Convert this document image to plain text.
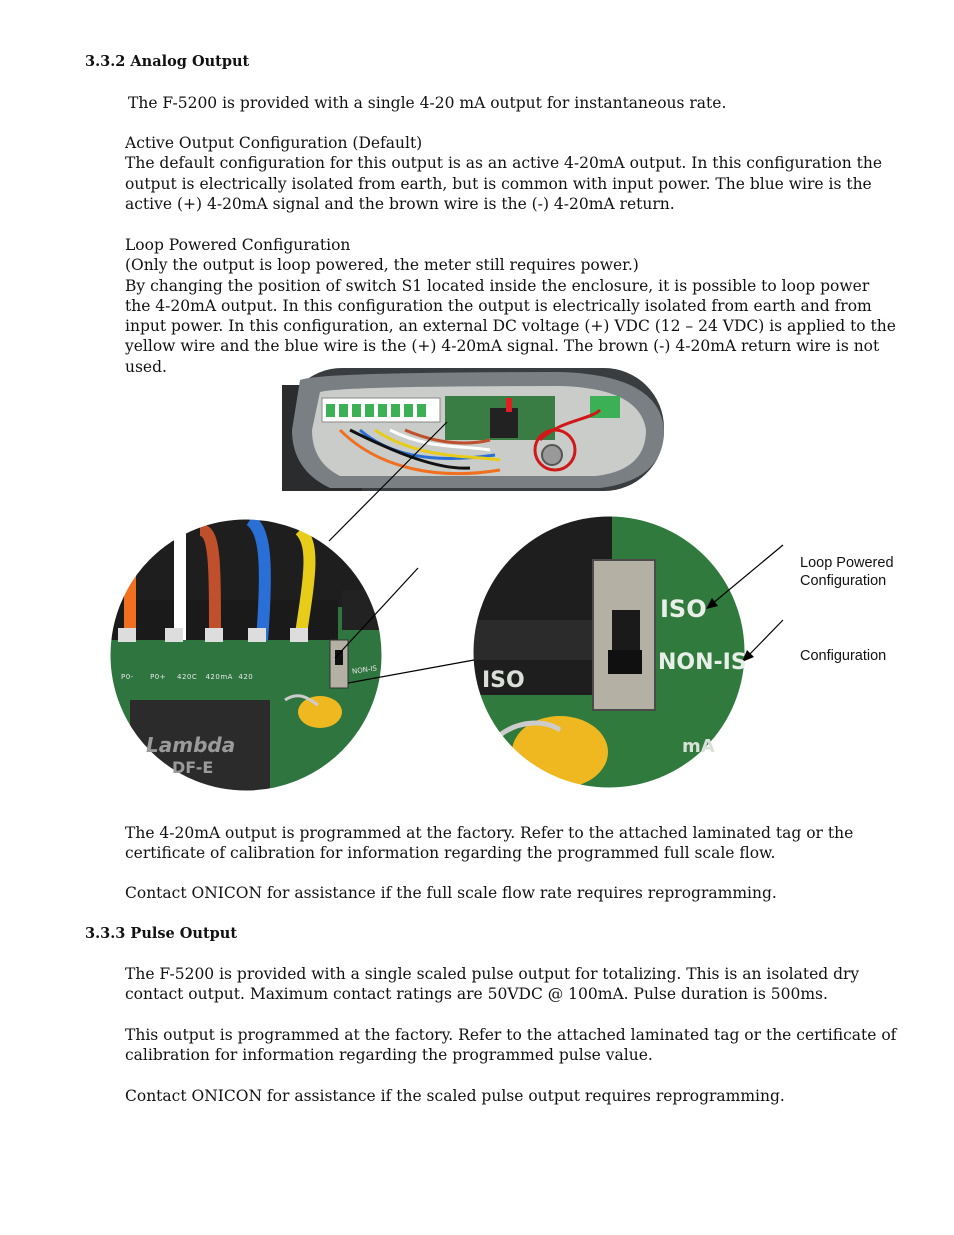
3.3.2 Analog Output
The F-5200 is provided with a single 4-20 mA output for instantaneous rate.
Active Output Configuration (Default)
The default configuration for this output is as an active 4-20mA output. In this configuration the
output is electrically isolated from earth, but is common with input power. The blue wire is the
active (+) 4-20mA signal and the brown wire is the (-) 4-20mA return.
Loop Powered Configuration
(Only the output is loop powered, the meter still requires power.)
By changing the position of switch S1 located inside the enclosure, it is possible to loop power
the 4-20mA output. In this configuration the output is electrically isolated from earth and from
input power. In this configuration, an external DC voltage (+) VDC (12 – 24 VDC) is applied to the
yellow wire and the blue wire is the (+) 4-20mA signal. The brown (-) 4-20mA return wire is not
used.
P0- P0+ 420C 420mA 420
NON-IS
Lambda
DF-E
ISO
NON-IS
ISO
mA
Loop Powered
Configuration
Configuration
The 4-20mA output is programmed at the factory. Refer to the attached laminated tag or the
certificate of calibration for information regarding the programmed full scale flow.
Contact ONICON for assistance if the full scale flow rate requires reprogramming.
3.3.3 Pulse Output
The F-5200 is provided with a single scaled pulse output for totalizing. This is an isolated dry
contact output. Maximum contact ratings are 50VDC @ 100mA. Pulse duration is 500ms.
This output is programmed at the factory. Refer to the attached laminated tag or the certificate of
calibration for information regarding the programmed pulse value.
Contact ONICON for assistance if the scaled pulse output requires reprogramming.
